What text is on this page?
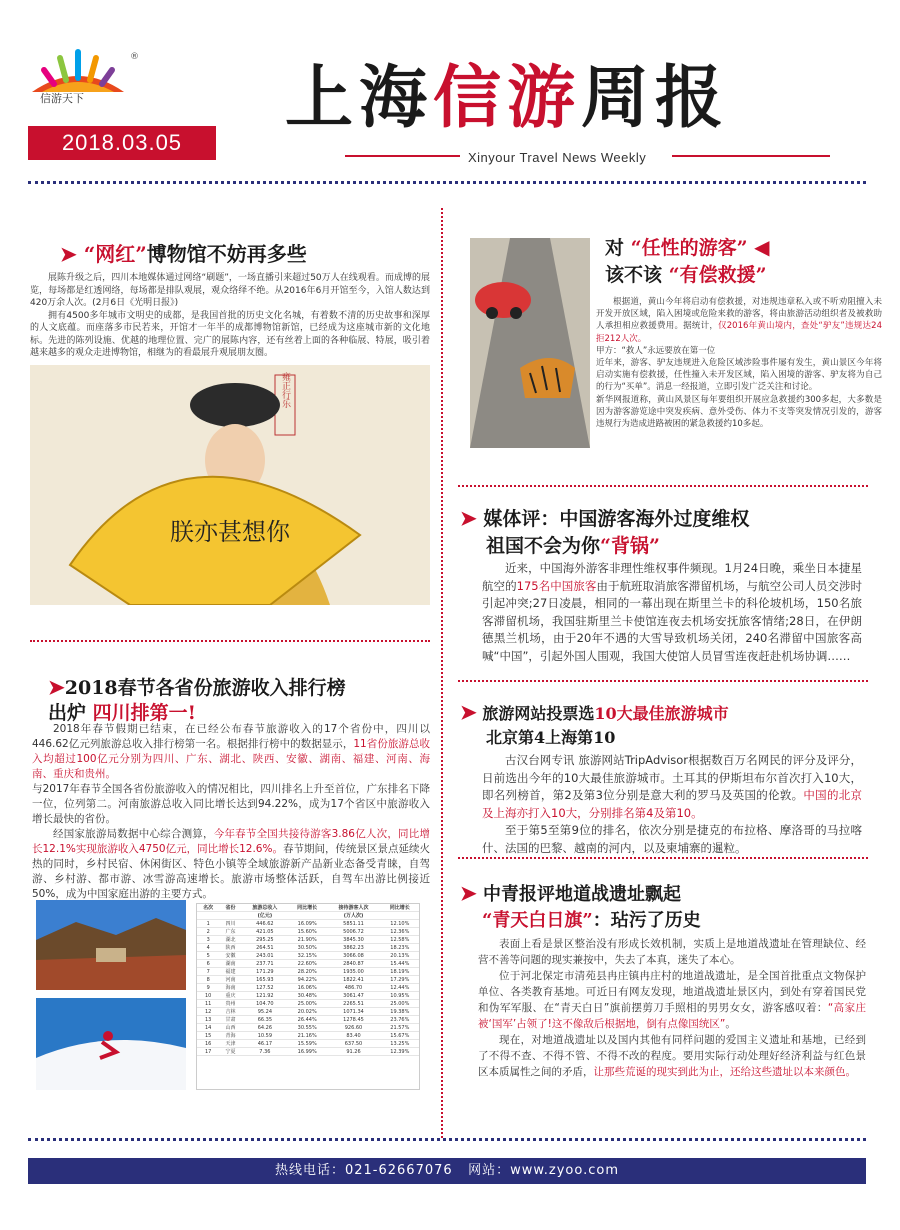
®
信游天下
2018.03.05
上海信游周报
Xinyour Travel News Weekly
➤ “网红”博物馆不妨再多些

展陈升级之后，四川本地媒体通过网络“刷题”，一场直播引来超过50万人在线观看。而成博的展览，每场都是红透网络，每场都是排队观展，观众络绎不绝。从2016年6月开馆至今，入馆人数达到420万余人次。(2月6日《光明日报》)

拥有4500多年城市文明史的成都，是我国首批的历史文化名城，有着数不清的历史故事和深厚的人文底蕴。而座落多市民若来，开馆才一年半的成都博物馆新馆，已经成为这座城市新的文化地标。先进的陈列设施、优越的地理位置、完广的展陈内容，还有丝着上面的各种临展、特展，吸引着越来越多的观众走进博物馆，相继为的看最展升观展朋友圈。

雍正行乐
朕亦甚想你
➤2018春节各省份旅游收入排行榜
出炉 四川排第一!

2018年春节假期已结束，在已经公布春节旅游收入的17个省份中，四川以446.62亿元列旅游总收入排行榜第一名。根据排行榜中的数据显示，11省份旅游总收入均超过100亿元分别为四川、广东、湖北、陕西、安徽、湖南、福建、河南、海南、重庆和贵州。

与2017年春节全国各省份旅游收入的情况相比，四川排名上升至首位，广东排名下降一位，位列第二。河南旅游总收入同比增长达到94.22%，成为17个省区中旅游收入增长最快的省份。

经国家旅游局数据中心综合测算，今年春节全国共接待游客3.86亿人次，同比增长12.1%实现旅游收入4750亿元，同比增长12.6%。春节期间，传统景区景点延续火热的同时，乡村民宿、休闲街区、特色小镇等全域旅游新产品新业态备受青睐，自驾游、乡村游、都市游、冰雪游高速增长。旅游市场整体活跃，自驾车出游比例接近50%，成为中国家庭出游的主要方式。

名次	省份	旅游总收入	同比增长	接待游客人次	同比增长
		(亿元)		(万人次)	
1	四川	446.62	16.09%	5851.11	12.10%
2	广东	421.05	15.60%	5006.72	12.36%
3	湖北	295.25	21.90%	3845.30	12.58%
4	陕西	264.51	30.50%	3862.23	18.23%
5	安徽	243.01	32.15%	3066.08	20.13%
6	湖南	237.71	22.60%	2840.87	15.44%
7	福建	171.29	28.20%	1935.00	18.19%
8	河南	165.93	94.22%	1822.41	17.29%
9	海南	127.52	16.06%	486.70	12.44%
10	重庆	121.92	30.48%	3061.47	10.95%
11	贵州	104.70	25.00%	2265.51	25.00%
12	吉林	95.24	20.02%	1071.34	19.38%
13	甘肃	66.35	26.44%	1278.45	23.76%
14	山西	64.26	30.55%	926.60	21.57%
15	青海	10.59	21.16%	83.40	15.67%
16	天津	46.17	15.59%	637.50	13.25%
17	宁夏	7.36	16.99%	91.26	12.39%
对 “任性的游客” ◀
该不该 “有偿救援”

根据道，黄山今年将启动有偿救援，对违规违章私入或不听劝阻擅入未开发开放区域，陷入困境或危险来救的游客，将由旅游活动组织者及被救助人承担相应救援费用。据统计，仅2016年黄山境内，查处“驴友”违规达24拒212人次。

甲方：“救人”永远要放在第一位

近年来，游客、驴友违规进入危险区域涉险事件屡有发生，黄山景区今年将启动实施有偿救援，任性撞入未开发区域，陷入困境的游客、驴友将为自己的行为“买单”。消息一经报道，立即引发广泛关注和讨论。

新华网报道称，黄山风景区每年要组织开展应急救援约300多起，大多数是因为游客游览途中突发疾病、意外受伤、体力不支等突发情况引发的，游客违规行为造成进路被困的紧急救援约10多起。

➤ 媒体评：中国游客海外过度维权
祖国不会为你“背锅”

近来，中国海外游客非理性维权事件频现。1月24日晚，乘坐日本捷星航空的175名中国旅客由于航班取消旅客滞留机场，与航空公司人员交涉时引起冲突;27日凌晨，相同的一幕出现在斯里兰卡的科伦坡机场，150名旅客滞留机场，我国驻斯里兰卡使馆连夜去机场安抚旅客情绪;28日，在伊朗德黑兰机场，由于20年不遇的大雪导致机场关闭，240名滞留中国旅客高喊“中国”，引起外国人围观，我国大使馆人员冒雪连夜赶赴机场协调……

➤ 旅游网站投票选10大最佳旅游城市
北京第4上海第10

古汉台网专讯 旅游网站TripAdvisor根据数百万名网民的评分及评分，日前选出今年的10大最佳旅游城市。土耳其的伊斯坦布尔首次打入10大，即名列榜首，第2及第3位分别是意大利的罗马及英国的伦敦。中国的北京及上海亦打入10大，分别排名第4及第10。

至于第5至第9位的排名，依次分别是捷克的布拉格、摩洛哥的马拉喀什、法国的巴黎、越南的河内，以及柬埔寨的暹粒。

➤ 中青报评地道战遗址飘起
“青天白日旗”：玷污了历史

表面上看是景区整治没有形成长效机制，实质上是地道战遗址在管理缺位、经营不善等问题的现实兼按中，失去了本真，迷失了本心。

位于河北保定市清苑县冉庄镇冉庄村的地道战遗址，是全国首批重点文物保护单位、各类教育基地。可近日有网友发现，地道战遗址景区内，到处有穿着国民党和伪军军服、在“青天白日”旗前摆剪刀手照相的男男女女，游客感叹着：“高家庄被‘国军’占领了!这不像敌后根据地，倒有点像国统区”。

现在，对地道战遗址以及国内其他有同样问题的爱国主义遗址和基地，已经到了不得不查、不得不管、不得不改的程度。要用实际行动处理好经济利益与红色景区本质属性之间的矛盾，让那些荒诞的现实到此为止，还给这些遗址以本来颜色。

热线电话：021-62667076 网站：www.zyoo.com
